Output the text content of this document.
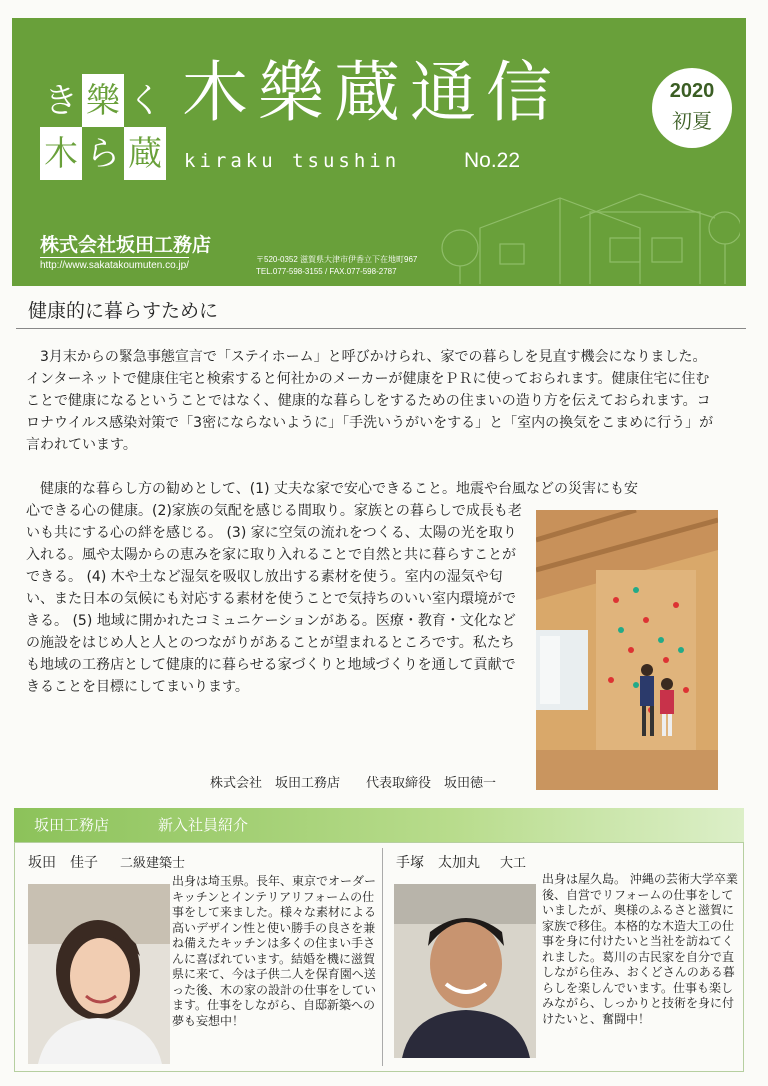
き 樂 く
木 ら 蔵
木樂蔵通信
kiraku tsushin	No.22
2020
初夏
株式会社坂田工務店
http://www.sakatakoumuten.co.jp/
〒520-0352 滋賀県大津市伊香立下在地町967
TEL.077-598-3155 / FAX.077-598-2787
健康的に暮らすために

3月末からの緊急事態宣言で「ステイホーム」と呼びかけられ、家での暮らしを見直す機会になりました。インターネットで健康住宅と検索すると何社かのメーカーが健康をＰＲに使っておられます。健康住宅に住むことで健康になるということではなく、健康的な暮らしをするための住まいの造り方を伝えておられます。コロナウイルス感染対策で「3密にならないように」「手洗いうがいをする」と「室内の換気をこまめに行う」が言われています。

健康的な暮らし方の勧めとして、(1) 丈夫な家で安心できること。地震や台風などの災害にも安

心できる心の健康。(2)家族の気配を感じる間取り。家族との暮らしで成長も老いも共にする心の絆を感じる。 (3) 家に空気の流れをつくる、太陽の光を取り入れる。風や太陽からの恵みを家に取り入れることで自然と共に暮らすことができる。 (4) 木や土など湿気を吸収し放出する素材を使う。室内の湿気や匂い、また日本の気候にも対応する素材を使うことで気持ちのいい室内環境ができる。 (5) 地域に開かれたコミュニケーションがある。医療・教育・文化などの施設をはじめ人と人とのつながりがあることが望まれるところです。私たちも地域の工務店として健康的に暮らせる家づくりと地域づくりを通して貢献できることを目標にしてまいります。

株式会社　坂田工務店　　代表取締役　坂田徳一
坂田工務店	新入社員紹介
坂田　佳子 二級建築士

出身は埼玉県。長年、東京でオーダーキッチンとインテリアリフォームの仕事をして来ました。様々な素材による高いデザイン性と使い勝手の良さを兼ね備えたキッチンは多くの住まい手さんに喜ばれています。結婚を機に滋賀県に来て、今は子供二人を保育園へ送った後、木の家の設計の仕事をしています。仕事をしながら、自邸新築への夢も妄想中！

手塚　太加丸 大工

出身は屋久島。 沖縄の芸術大学卒業後、自営でリフォームの仕事をしていましたが、奥様のふるさと滋賀に家族で移住。本格的な木造大工の仕事を身に付けたいと当社を訪ねてくれました。葛川の古民家を自分で直しながら住み、おくどさんのある暮らしを楽しんでいます。仕事も楽しみながら、しっかりと技術を身に付けたいと、奮闘中！
